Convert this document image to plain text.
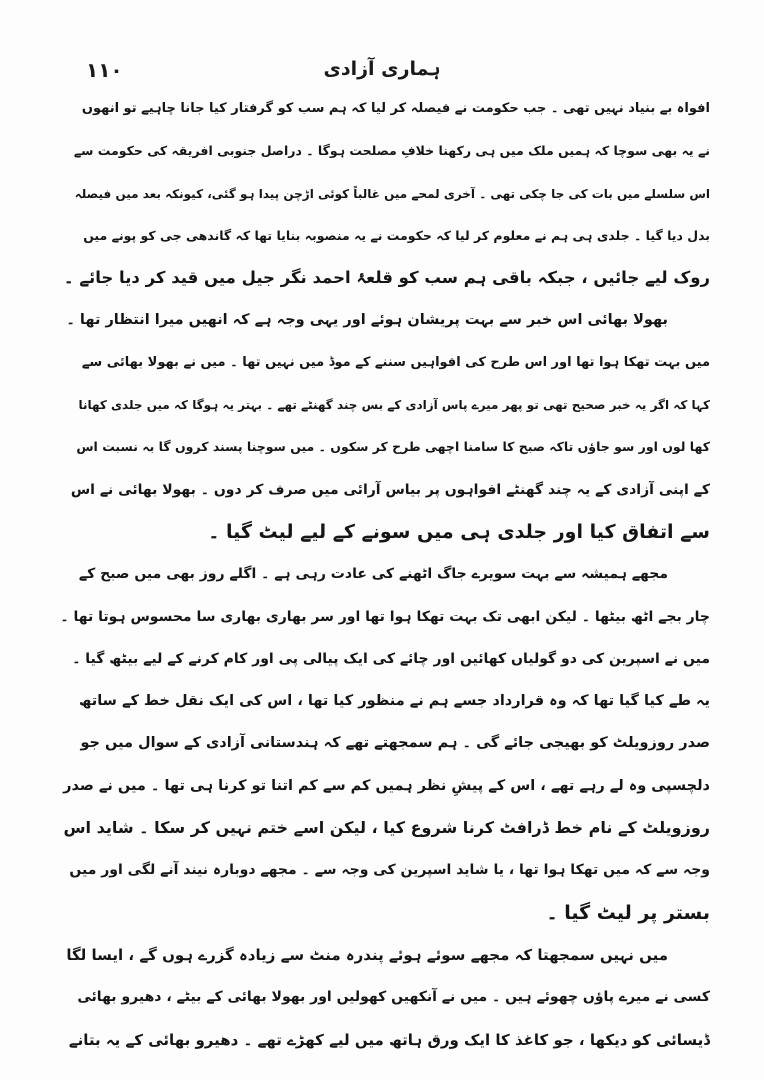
ہماری آزادی
۱۱۰
افواہ بے بنیاد نہیں تھی ۔ جب حکومت نے فیصلہ کر لیا کہ ہم سب کو گرفتار کیا جانا چاہیے تو انھوں
نے یہ بھی سوچا کہ ہمیں ملک میں ہی رکھنا خلافِ مصلحت ہوگا ۔ دراصل جنوبی افریقہ کی حکومت سے
اس سلسلے میں بات کی جا چکی تھی ۔ آخری لمحے میں غالباً کوئی اڑچن پیدا ہو گئی، کیونکہ بعد میں فیصلہ
بدل دیا گیا ۔ جلدی ہی ہم نے معلوم کر لیا کہ حکومت نے یہ منصوبہ بنایا تھا کہ گاندھی جی کو پونے میں
روک لیے جائیں ، جبکہ باقی ہم سب کو قلعۂ احمد نگر جیل میں قید کر دیا جائے ۔
بھولا بھائی اس خبر سے بہت پریشان ہوئے اور یہی وجہ ہے کہ انھیں میرا انتظار تھا ۔
میں بہت تھکا ہوا تھا اور اس طرح کی افواہیں سننے کے موڈ میں نہیں تھا ۔ میں نے بھولا بھائی سے
کہا کہ اگر یہ خبر صحیح تھی تو پھر میرے پاس آزادی کے بس چند گھنٹے تھے ۔ بہتر یہ ہوگا کہ میں جلدی کھانا
کھا لوں اور سو جاؤں تاکہ صبح کا سامنا اچھی طرح کر سکوں ۔ میں سوچنا پسند کروں گا بہ نسبت اس
کے اپنی آزادی کے یہ چند گھنٹے افواہوں پر بیاس آرائی میں صرف کر دوں ۔ بھولا بھائی نے اس
سے اتفاق کیا اور جلدی ہی میں سونے کے لیے لیٹ گیا ۔
مجھے ہمیشہ سے بہت سویرے جاگ اٹھنے کی عادت رہی ہے ۔ اگلے روز بھی میں صبح کے
چار بجے اٹھ بیٹھا ۔ لیکن ابھی تک بہت تھکا ہوا تھا اور سر بھاری بھاری سا محسوس ہوتا تھا ۔
میں نے اسپرین کی دو گولیاں کھائیں اور چائے کی ایک پیالی پی اور کام کرنے کے لیے بیٹھ گیا ۔
یہ طے کیا گیا تھا کہ وہ قرارداد جسے ہم نے منظور کیا تھا ، اس کی ایک نقل خط کے ساتھ
صدر روزویلٹ کو بھیجی جائے گی ۔ ہم سمجھتے تھے کہ ہندستانی آزادی کے سوال میں جو
دلچسپی وہ لے رہے تھے ، اس کے پیشِ نظر ہمیں کم سے کم اتنا تو کرنا ہی تھا ۔ میں نے صدر
روزویلٹ کے نام خط ڈرافٹ کرنا شروع کیا ، لیکن اسے ختم نہیں کر سکا ۔ شاید اس
وجہ سے کہ میں تھکا ہوا تھا ، یا شاید اسپرین کی وجہ سے ۔ مجھے دوبارہ نیند آنے لگی اور میں
بستر پر لیٹ گیا ۔
میں نہیں سمجھتا کہ مجھے سوئے ہوئے پندرہ منٹ سے زیادہ گزرے ہوں گے ، ایسا لگا
کسی نے میرے پاؤں چھوئے ہیں ۔ میں نے آنکھیں کھولیں اور بھولا بھائی کے بیٹے ، دھیرو بھائی
ڈیسائی کو دیکھا ، جو کاغذ کا ایک ورق ہاتھ میں لیے کھڑے تھے ۔ دھیرو بھائی کے یہ بتانے
